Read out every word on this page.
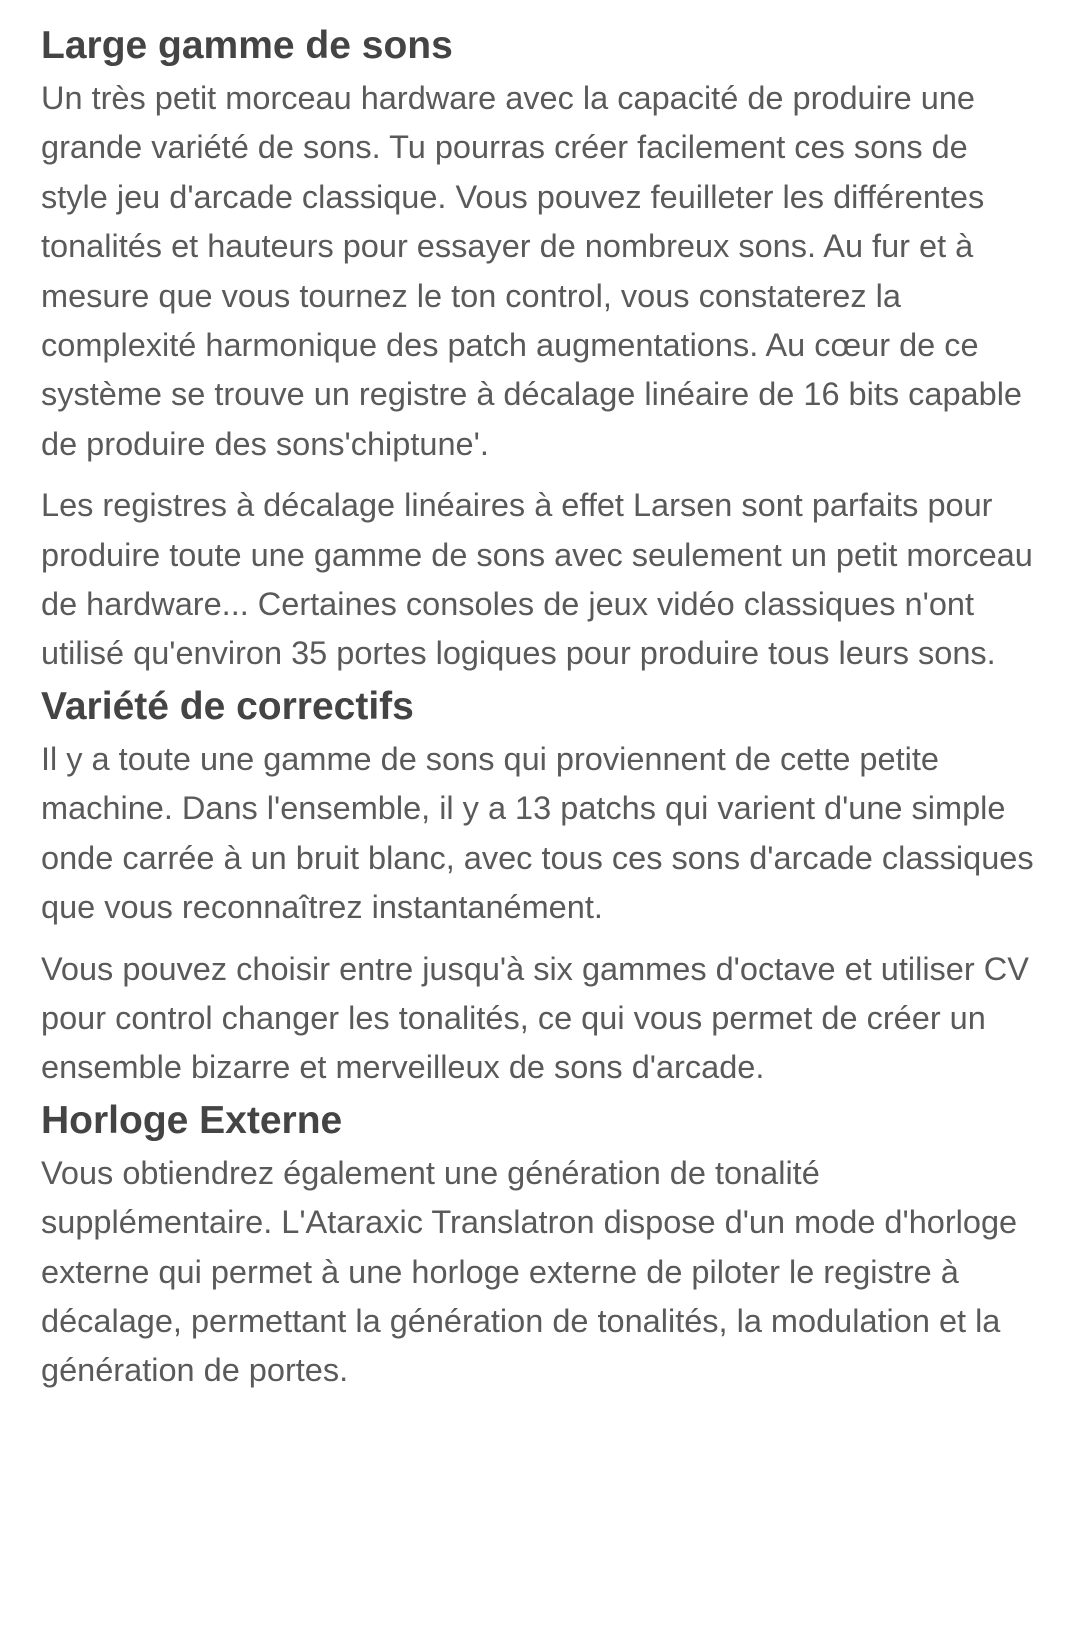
Large gamme de sons

Un très petit morceau hardware avec la capacité de produire une grande variété de sons. Tu pourras créer facilement ces sons de style jeu d'arcade classique. Vous pouvez feuilleter les différentes tonalités et hauteurs pour essayer de nombreux sons. Au fur et à mesure que vous tournez le ton control, vous constaterez la complexité harmonique des patch augmentations. Au cœur de ce système se trouve un registre à décalage linéaire de 16 bits capable de produire des sons'chiptune'.

Les registres à décalage linéaires à effet Larsen sont parfaits pour produire toute une gamme de sons avec seulement un petit morceau de hardware... Certaines consoles de jeux vidéo classiques n'ont utilisé qu'environ 35 portes logiques pour produire tous leurs sons.

Variété de correctifs

Il y a toute une gamme de sons qui proviennent de cette petite machine. Dans l'ensemble, il y a 13 patchs qui varient d'une simple onde carrée à un bruit blanc, avec tous ces sons d'arcade classiques que vous reconnaîtrez instantanément.

Vous pouvez choisir entre jusqu'à six gammes d'octave et utiliser CV pour control changer les tonalités, ce qui vous permet de créer un ensemble bizarre et merveilleux de sons d'arcade.

Horloge Externe

Vous obtiendrez également une génération de tonalité supplémentaire. L'Ataraxic Translatron dispose d'un mode d'horloge externe qui permet à une horloge externe de piloter le registre à décalage, permettant la génération de tonalités, la modulation et la génération de portes.
